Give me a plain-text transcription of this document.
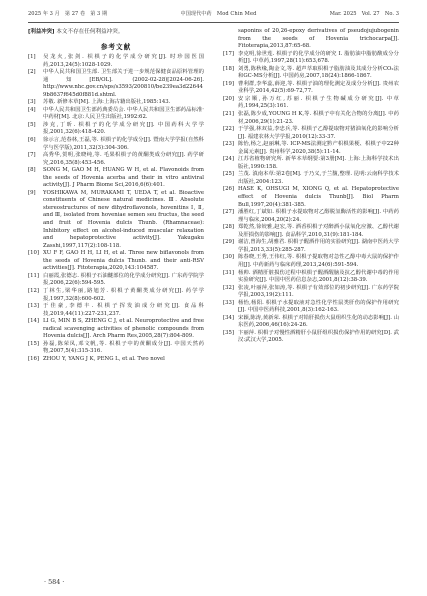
2025 年 3 月　第 27 卷　第 3 期	中国现代中药　Mod Chin Med	Mar. 2025　Vol. 27　No. 3
[利益冲突] 本文不存在任何利益冲突。
参考文献
[1]	吴龙火,张剑. 枳椇子的化学成分研究[J]. 时珍国医国药,2013,24(5):1028-1029.
[2]	中华人民共和国卫生部. 卫生部关于进一步规范保健食品原料管理的通知[EB/OL]. (2002-02-28)[2024-06-26]. http://www.nhc.gov.cn/sps/s3593/200810/be239ea3d226449b8637f645d0f881d.shtml.
[3]	苏敬. 新修本草[M]. 上海:上海古籍出版社,1985:143.
[4]	中华人民共和国卫生部药典委员会. 中华人民共和国卫生部药品标准·中药材[M]. 北京:人民卫生出版社,1992:62.
[5]	涉克,丁昕. 枳椇子的化学成分研究[J]. 中国药科大学学报,2001,32(6):418-420.
[6]	徐示言,范春林,王磊,等. 枳椇子的化学成分[J]. 暨南大学学报(自然科学与医学版),2011,32(3):304-306.
[7]	高秀华,贺明,张晓纯,等. 毛果枳椇子的黄酮类成分研究[J]. 药学研究,2016,35(8):453-456.
[8]	SONG M, GAO M H, HUANG W H, et al. Flavonoids from the seeds of Hovenia acerba and their in vitro antiviral activity[J]. J Pharm Biome Sci,2016,6(6):401.
[9]	YOSHIKAWA M, MURAKAMI T, UEDA T, et al. Bioactive constituents of Chinese natural medicines. Ⅲ. Absolute stereostructures of new dihydroflavonols, hovenitins Ⅰ, Ⅱ, and Ⅲ, isolated from hoveniae semen seu fructus, the seed and fruit of Hovenia dulcis Thunb. (Rhamnaceae): Inhibitory effect on alcohol-induced muscular relaxation and hepatoprotective activity[J]. Yakugaku Zasshi,1997,117(2):108-118.
[10] XU F F, GAO H H, LI H, et al. Three new biflavonols from the seeds of Hovenia dulcis Thunb. and their anti-RSV activities[J]. Fitoterapia,2020,143:104587.
[11] 白丽霞,张德志. 枳椇子石油醚部位的化学成分研究[J]. 广东药学院学报,2006,22(6):594-595.
[12] 丁林生,梁华丽,路旭芳. 枳椇子黄酮类成分研究[J]. 药学学报,1997,32(8):600-602.
[13] 于佳豪,李德丰. 枳椇子挥发油成分研究[J]. 食品科技,2019,44(11):227-231,237.
[14] LI G, MIN B S, ZHENG C J, et al. Neuroprotective and free radical scavenging activities of phenolic compounds from Hovenia dulcis[J]. Arch Pharm Res,2005,28(7):804-809.
[15] 孙磊,陈荣凤,邓文帆,等. 枳椇子中的黄酮成分[J]. 中国天然药物,2007,5(4):315-316.
[16] ZHOU Y, YANG J K, PENG L, et al. Two novel
saponins of 20,26-epoxy derivatives of pseudojujubogenin from the seeds of Hovenia trichocarpa[J]. Fitoterapia,2013,87:65-68.
[17] 李克明,徐世莲. 枳椇子的化学成分的研究 Ⅰ. 脂肪油中脂肪酸成分分析[J]. 中草药,1997,28(11):653,678.
[18] 刘勇,陈秋缘,陶金文,等. 超声萃取枳椇子脂肪油及其成分分析CO₂法和GC-MS分析[J]. 中国药房,2007,18(24):1866-1867.
[19] 曹利群,李华蕊,薛迎,等. 枳椇子油的理化测定及成分分析[J]. 贵州农业科学,2014,42(5):69-72,77.
[20] 安宗顺,孙万红,苏丽. 枳椇子生物碱成分研究[J]. 中草药,1994,25(3):161.
[21] 张磊,陈少成,YOUNG H K,等. 枳椇子中有关化合物的分离[J]. 中药材,2006,29(1):21-23.
[22] 于学强,林双益,李忠兵,等. 枳椇子乙醇提取物对猪油氧化的影响分析[J]. 福建农林大学学报,2010(12):33-37.
[23] 陈怡,杨之,赵丽琳,等. ICP-MS法测定黔产枳椇果梗、枳椇子中22种金属元素[J]. 贵州科学,2020,38(5):11-14.
[24] 江苏省植物研究所. 新华本草纲要:第3册[M]. 上海:上海科学技术出版社,1990:158.
[25] 兰茂. 滇南本草:第2卷[M]. 于乃义,于兰馥,整理. 昆明:云南科学技术出版社,2004:123.
[26] HASE K, OHSUGI M, XIONG Q, et al. Hepatoprotective effect of Hovenia dulcis Thunb[J]. Biol Pharm Bull,1997,20(4):381-385.
[27] 潘胜红,丁斌如. 枳椇子水提取物对乙醇脱氢酶活性的影响[J]. 中药药理与临床,2004,20(2):24.
[28] 郑乾然,徐姣雅,赵宏,等. 酒香枳椇子对醉酒小鼠氧化应激、乙醇代谢及肝损伤的影响[J]. 食品科学,2010,31(9):181-184.
[29] 谢洁,曾海生,胡雅君. 枳椇子醒酒作用的实验研究[J]. 湖南中医药大学学报,2013,33(5):285-287.
[30] 陈春晓,王秀,王伟红,等. 枳椇子提取物对急性乙醇中毒大鼠的保护作用[J]. 中药新药与临床药理,2013,24(6):591-594.
[31] 杨帅. 酒精肝脏损伤过程中枳椇子醒酒醒脑及抗乙醇代谢中毒的作用实验研究[J]. 中国中医药信息杂志,2001,8(12):38-39.
[32] 张凌,叶丽萍,张如涛,等. 枳椇子有效部位的初步研究[J]. 广东药学院学报,2003,19(2):111.
[33] 杨怡,杨阳. 枳椇子水提取液对急性化学性鼠类肝伤的保护作用研究[J]. 中国中医药科技,2001,8(3):162-163.
[34] 宋颖,陈涛,黄新荣. 枳椇子对铅肝损伤大鼠组织生化的动态影响[J]. 山东医药,2006,46(16):24-26.
[35] 卞丽萍. 枳椇子对慢性酒精肝小鼠肝组织损伤保护作用的研究[D]. 武汉:武汉大学,2005.
· 584 ·
